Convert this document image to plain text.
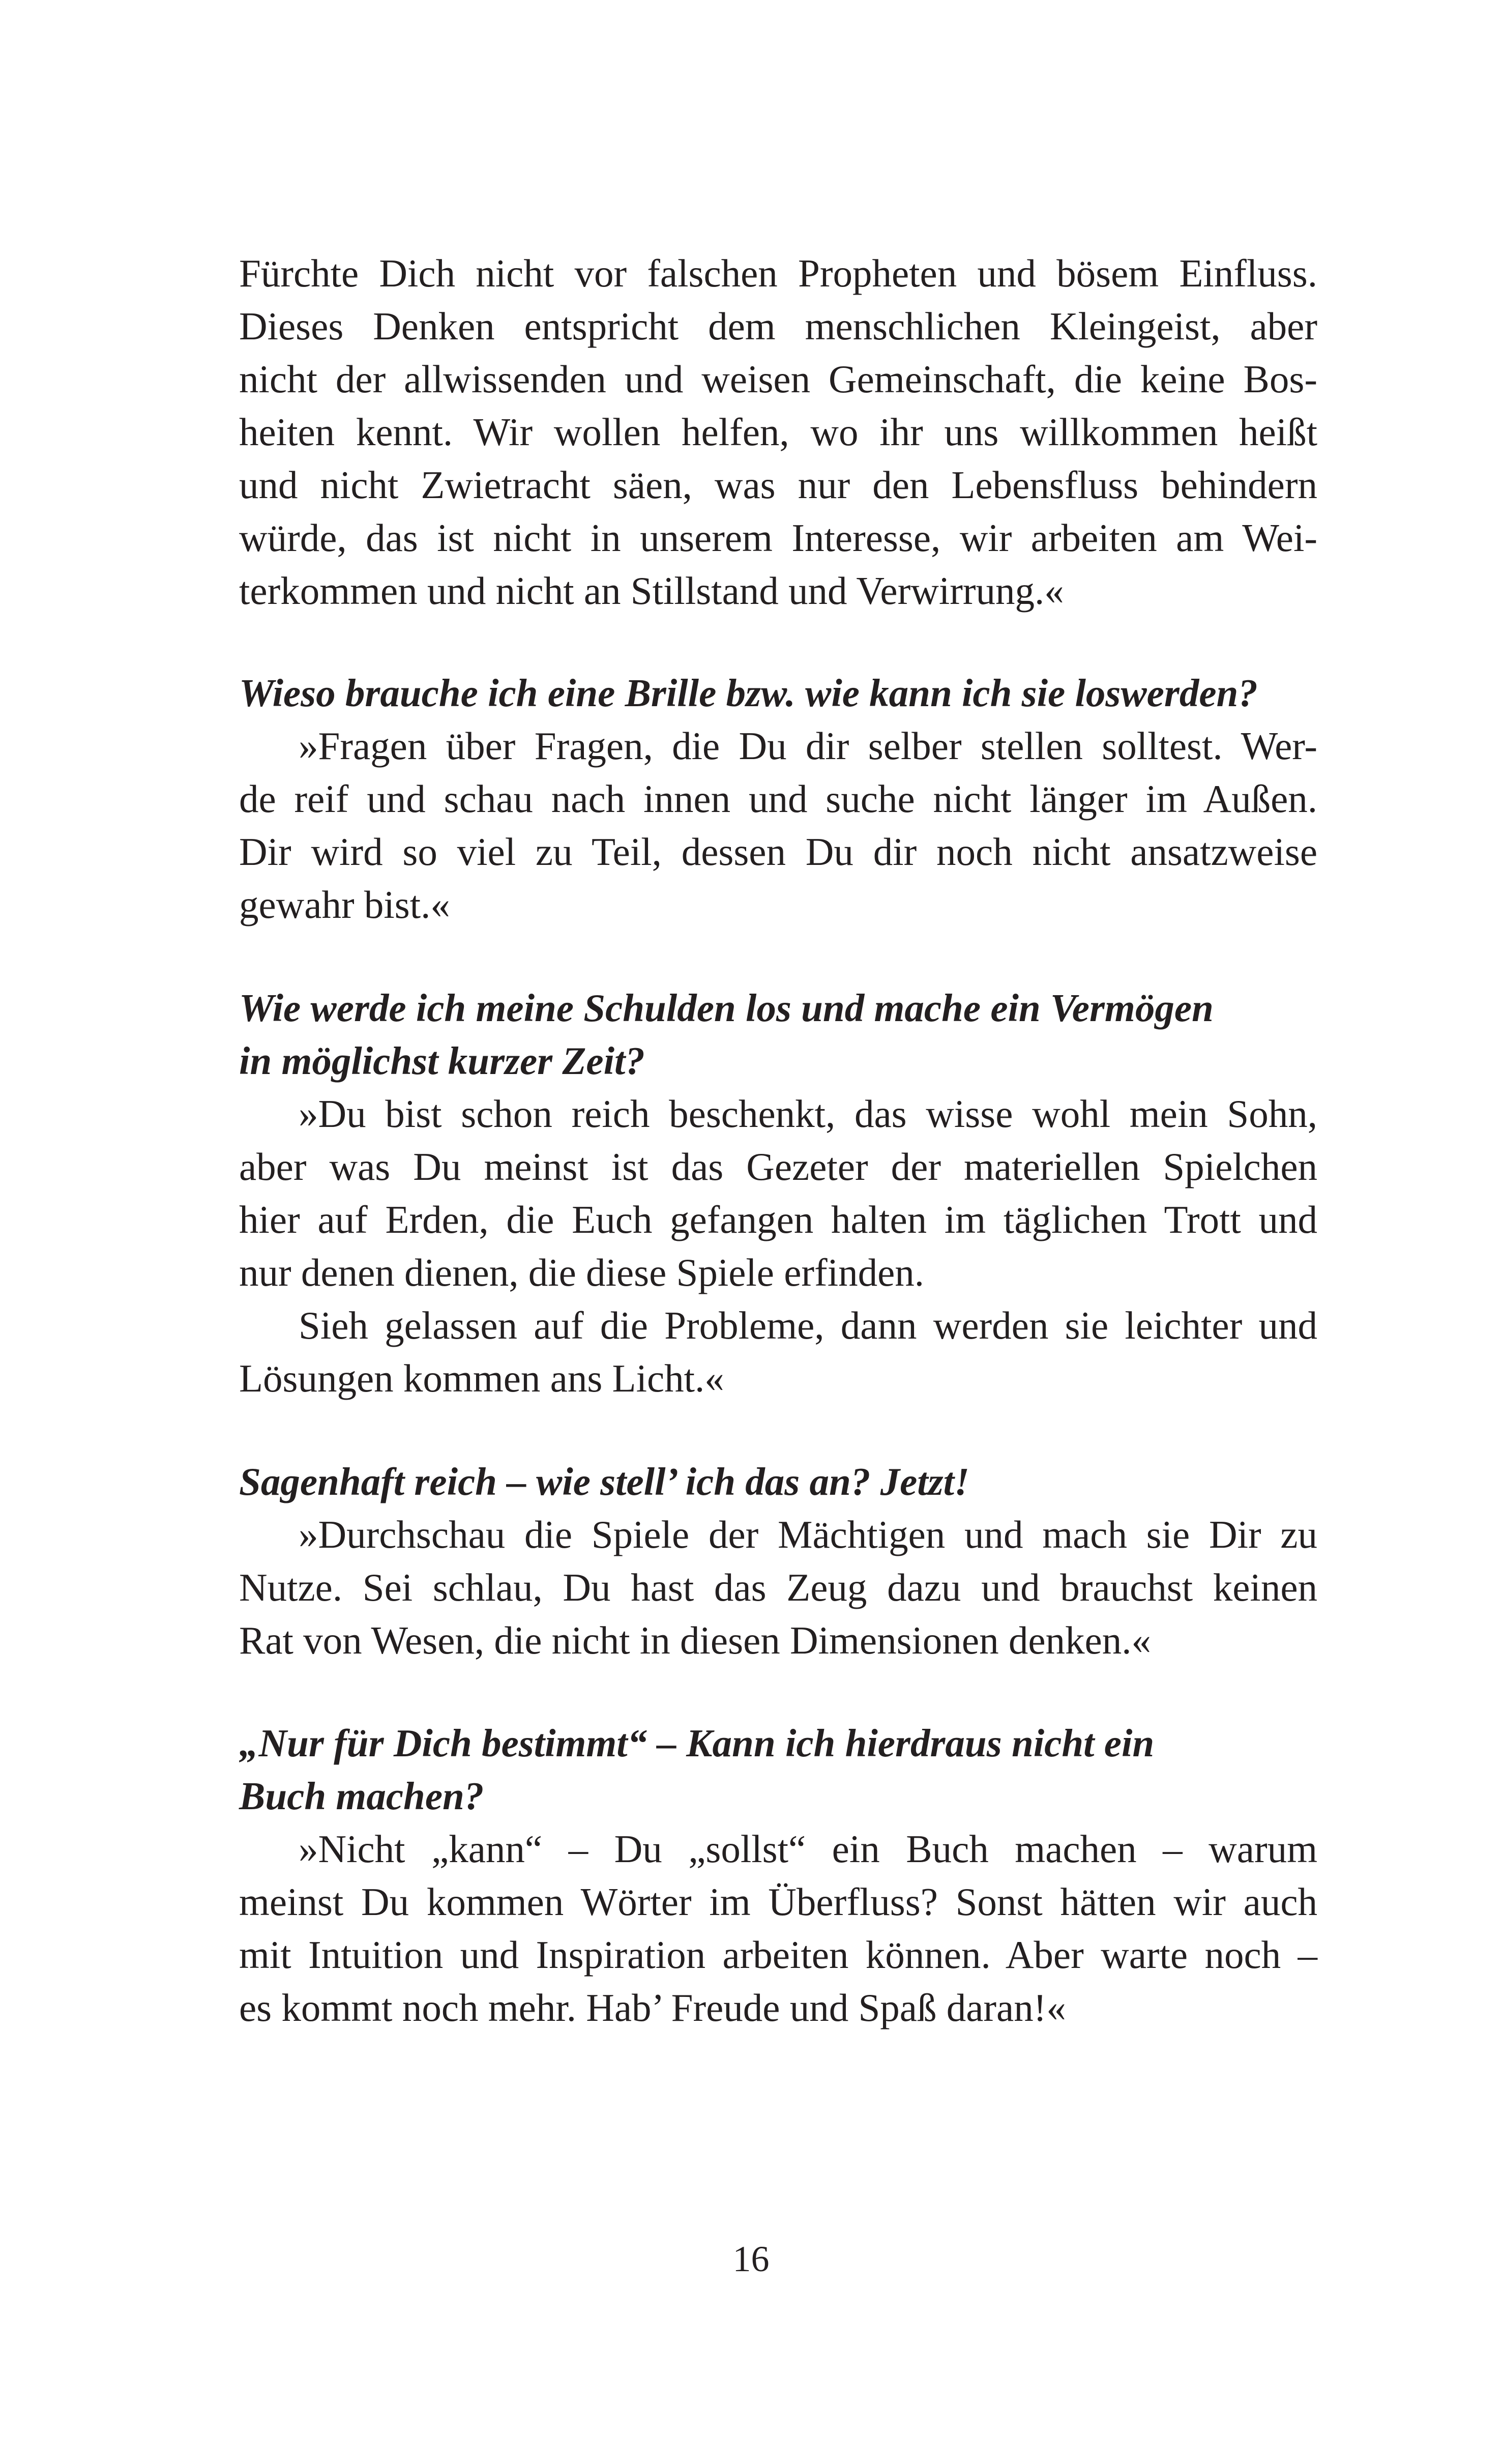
Fürchte Dich nicht vor falschen Propheten und bösem Einfluss.
Dieses Denken entspricht dem menschlichen Kleingeist, aber
nicht der allwissenden und weisen Gemeinschaft, die keine Bos-
heiten kennt. Wir wollen helfen, wo ihr uns willkommen heißt
und nicht Zwietracht säen, was nur den Lebensfluss behindern
würde, das ist nicht in unserem Interesse, wir arbeiten am Wei-
terkommen und nicht an Stillstand und Verwirrung.«
Wieso brauche ich eine Brille bzw. wie kann ich sie loswerden?
»Fragen über Fragen, die Du dir selber stellen solltest. Wer-
de reif und schau nach innen und suche nicht länger im Außen.
Dir wird so viel zu Teil, dessen Du dir noch nicht ansatzweise
gewahr bist.«
Wie werde ich meine Schulden los und mache ein Vermögen
in möglichst kurzer Zeit?
»Du bist schon reich beschenkt, das wisse wohl mein Sohn,
aber was Du meinst ist das Gezeter der materiellen Spielchen
hier auf Erden, die Euch gefangen halten im täglichen Trott und
nur denen dienen, die diese Spiele erfinden.
Sieh gelassen auf die Probleme, dann werden sie leichter und
Lösungen kommen ans Licht.«
Sagenhaft reich – wie stell’ ich das an? Jetzt!
»Durchschau die Spiele der Mächtigen und mach sie Dir zu
Nutze. Sei schlau, Du hast das Zeug dazu und brauchst keinen
Rat von Wesen, die nicht in diesen Dimensionen denken.«
„Nur für Dich bestimmt“ – Kann ich hierdraus nicht ein
Buch machen?
»Nicht „kann“ – Du „sollst“ ein Buch machen – warum
meinst Du kommen Wörter im Überfluss? Sonst hätten wir auch
mit Intuition und Inspiration arbeiten können. Aber warte noch –
es kommt noch mehr. Hab’ Freude und Spaß daran!«
16
